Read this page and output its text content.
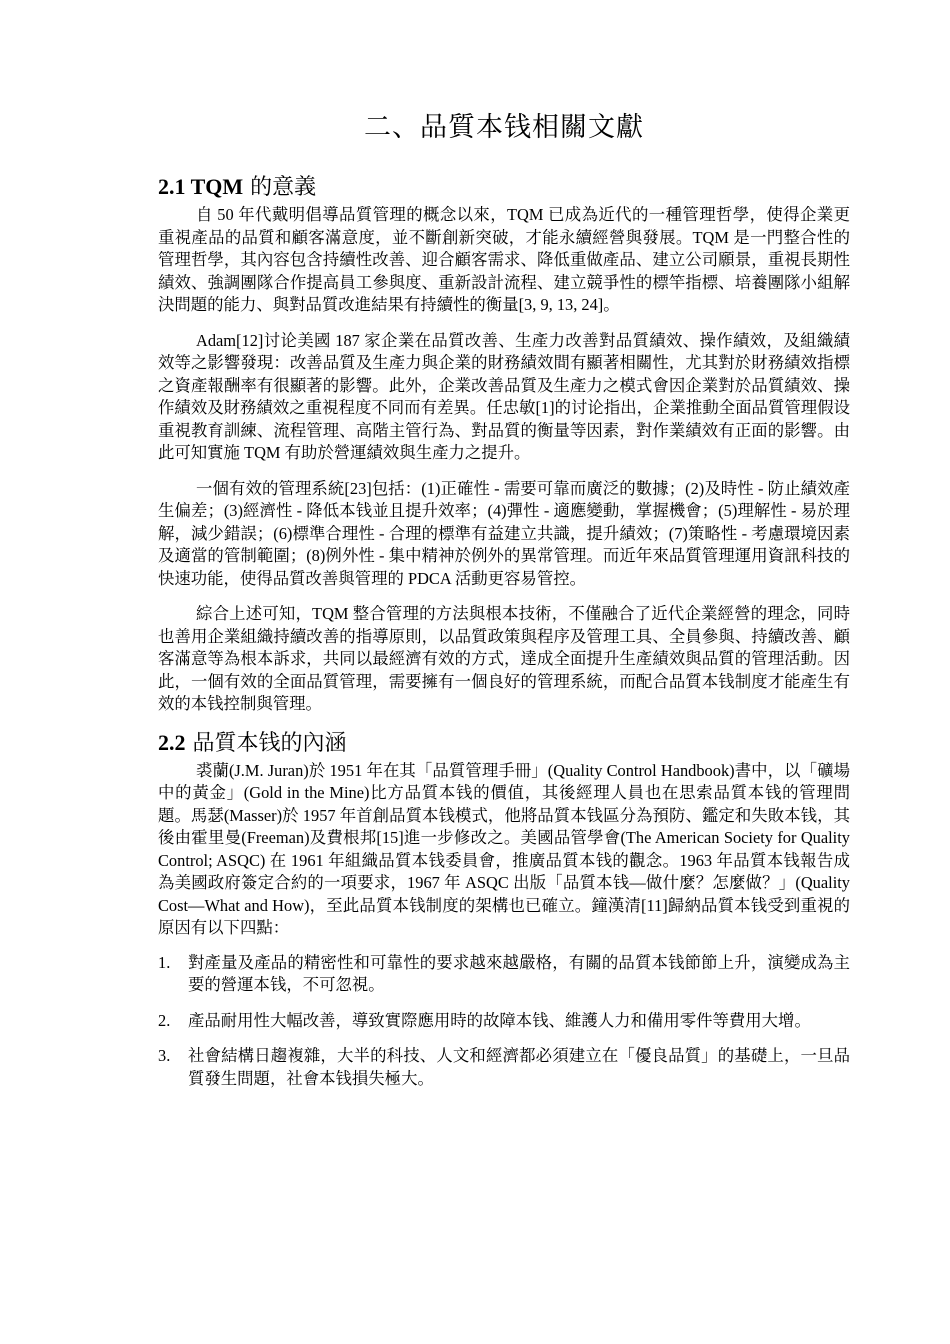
二、品質本钱相關文獻
2.1 TQM 的意義

自 50 年代戴明倡導品質管理的概念以來，TQM 已成為近代的一種管理哲學，使得企業更重視產品的品質和顧客滿意度，並不斷創新突破，才能永續經營與發展。TQM 是一門整合性的管理哲學，其內容包含持續性改善、迎合顧客需求、降低重做產品、建立公司願景，重視長期性績效、強調團隊合作提高員工參與度、重新設計流程、建立競爭性的標竿指標、培養團隊小組解決問題的能力、與對品質改進結果有持續性的衡量[3, 9, 13, 24]。

Adam[12]讨论美國 187 家企業在品質改善、生產力改善對品質績效、操作績效，及組織績效等之影響發現：改善品質及生產力與企業的財務績效間有顯著相關性，尤其對於財務績效指標之資產報酬率有很顯著的影響。此外，企業改善品質及生產力之模式會因企業對於品質績效、操作績效及財務績效之重視程度不同而有差異。任忠敏[1]的讨论指出，企業推動全面品質管理假设重視教育訓練、流程管理、高階主管行為、對品質的衡量等因素，對作業績效有正面的影響。由此可知實施 TQM 有助於營運績效與生產力之提升。

一個有效的管理系統[23]包括：(1)正確性 - 需要可靠而廣泛的數據；(2)及時性 - 防止績效產生偏差；(3)經濟性 - 降低本钱並且提升效率；(4)彈性 - 適應變動，掌握機會；(5)理解性 - 易於理解，減少錯誤；(6)標準合理性 - 合理的標準有益建立共識，提升績效；(7)策略性 - 考慮環境因素及適當的管制範圍；(8)例外性 - 集中精神於例外的異常管理。而近年來品質管理運用資訊科技的快速功能，使得品質改善與管理的 PDCA 活動更容易管控。

綜合上述可知，TQM 整合管理的方法與根本技術，不僅融合了近代企業經營的理念，同時也善用企業組織持續改善的指導原則，以品質政策與程序及管理工具、全員參與、持續改善、顧客滿意等為根本訴求，共同以最經濟有效的方式，達成全面提升生產績效與品質的管理活動。因此，一個有效的全面品質管理，需要擁有一個良好的管理系統，而配合品質本钱制度才能產生有效的本钱控制與管理。

2.2 品質本钱的內涵

裘蘭(J.M. Juran)於 1951 年在其「品質管理手冊」(Quality Control Handbook)書中，以「礦場中的黃金」(Gold in the Mine)比方品質本钱的價值，其後經理人員也在思索品質本钱的管理問題。馬瑟(Masser)於 1957 年首創品質本钱模式，他將品質本钱區分為預防、鑑定和失敗本钱，其後由霍里曼(Freeman)及費根邦[15]進一步修改之。美國品管學會(The American Society for Quality Control; ASQC) 在 1961 年組織品質本钱委員會，推廣品質本钱的觀念。1963 年品質本钱報告成為美國政府簽定合約的一項要求，1967 年 ASQC 出版「品質本钱—做什麼？怎麼做？」(Quality Cost—What and How)，至此品質本钱制度的架構也已確立。鐘漢清[11]歸納品質本钱受到重視的原因有以下四點：

1. 對產量及產品的精密性和可靠性的要求越來越嚴格，有關的品質本钱節節上升，演變成為主要的營運本钱，不可忽視。
2. 產品耐用性大幅改善，導致實際應用時的故障本钱、維護人力和備用零件等費用大增。
3. 社會結構日趨複雜，大半的科技、人文和經濟都必須建立在「優良品質」的基礎上，一旦品質發生問題，社會本钱損失極大。
